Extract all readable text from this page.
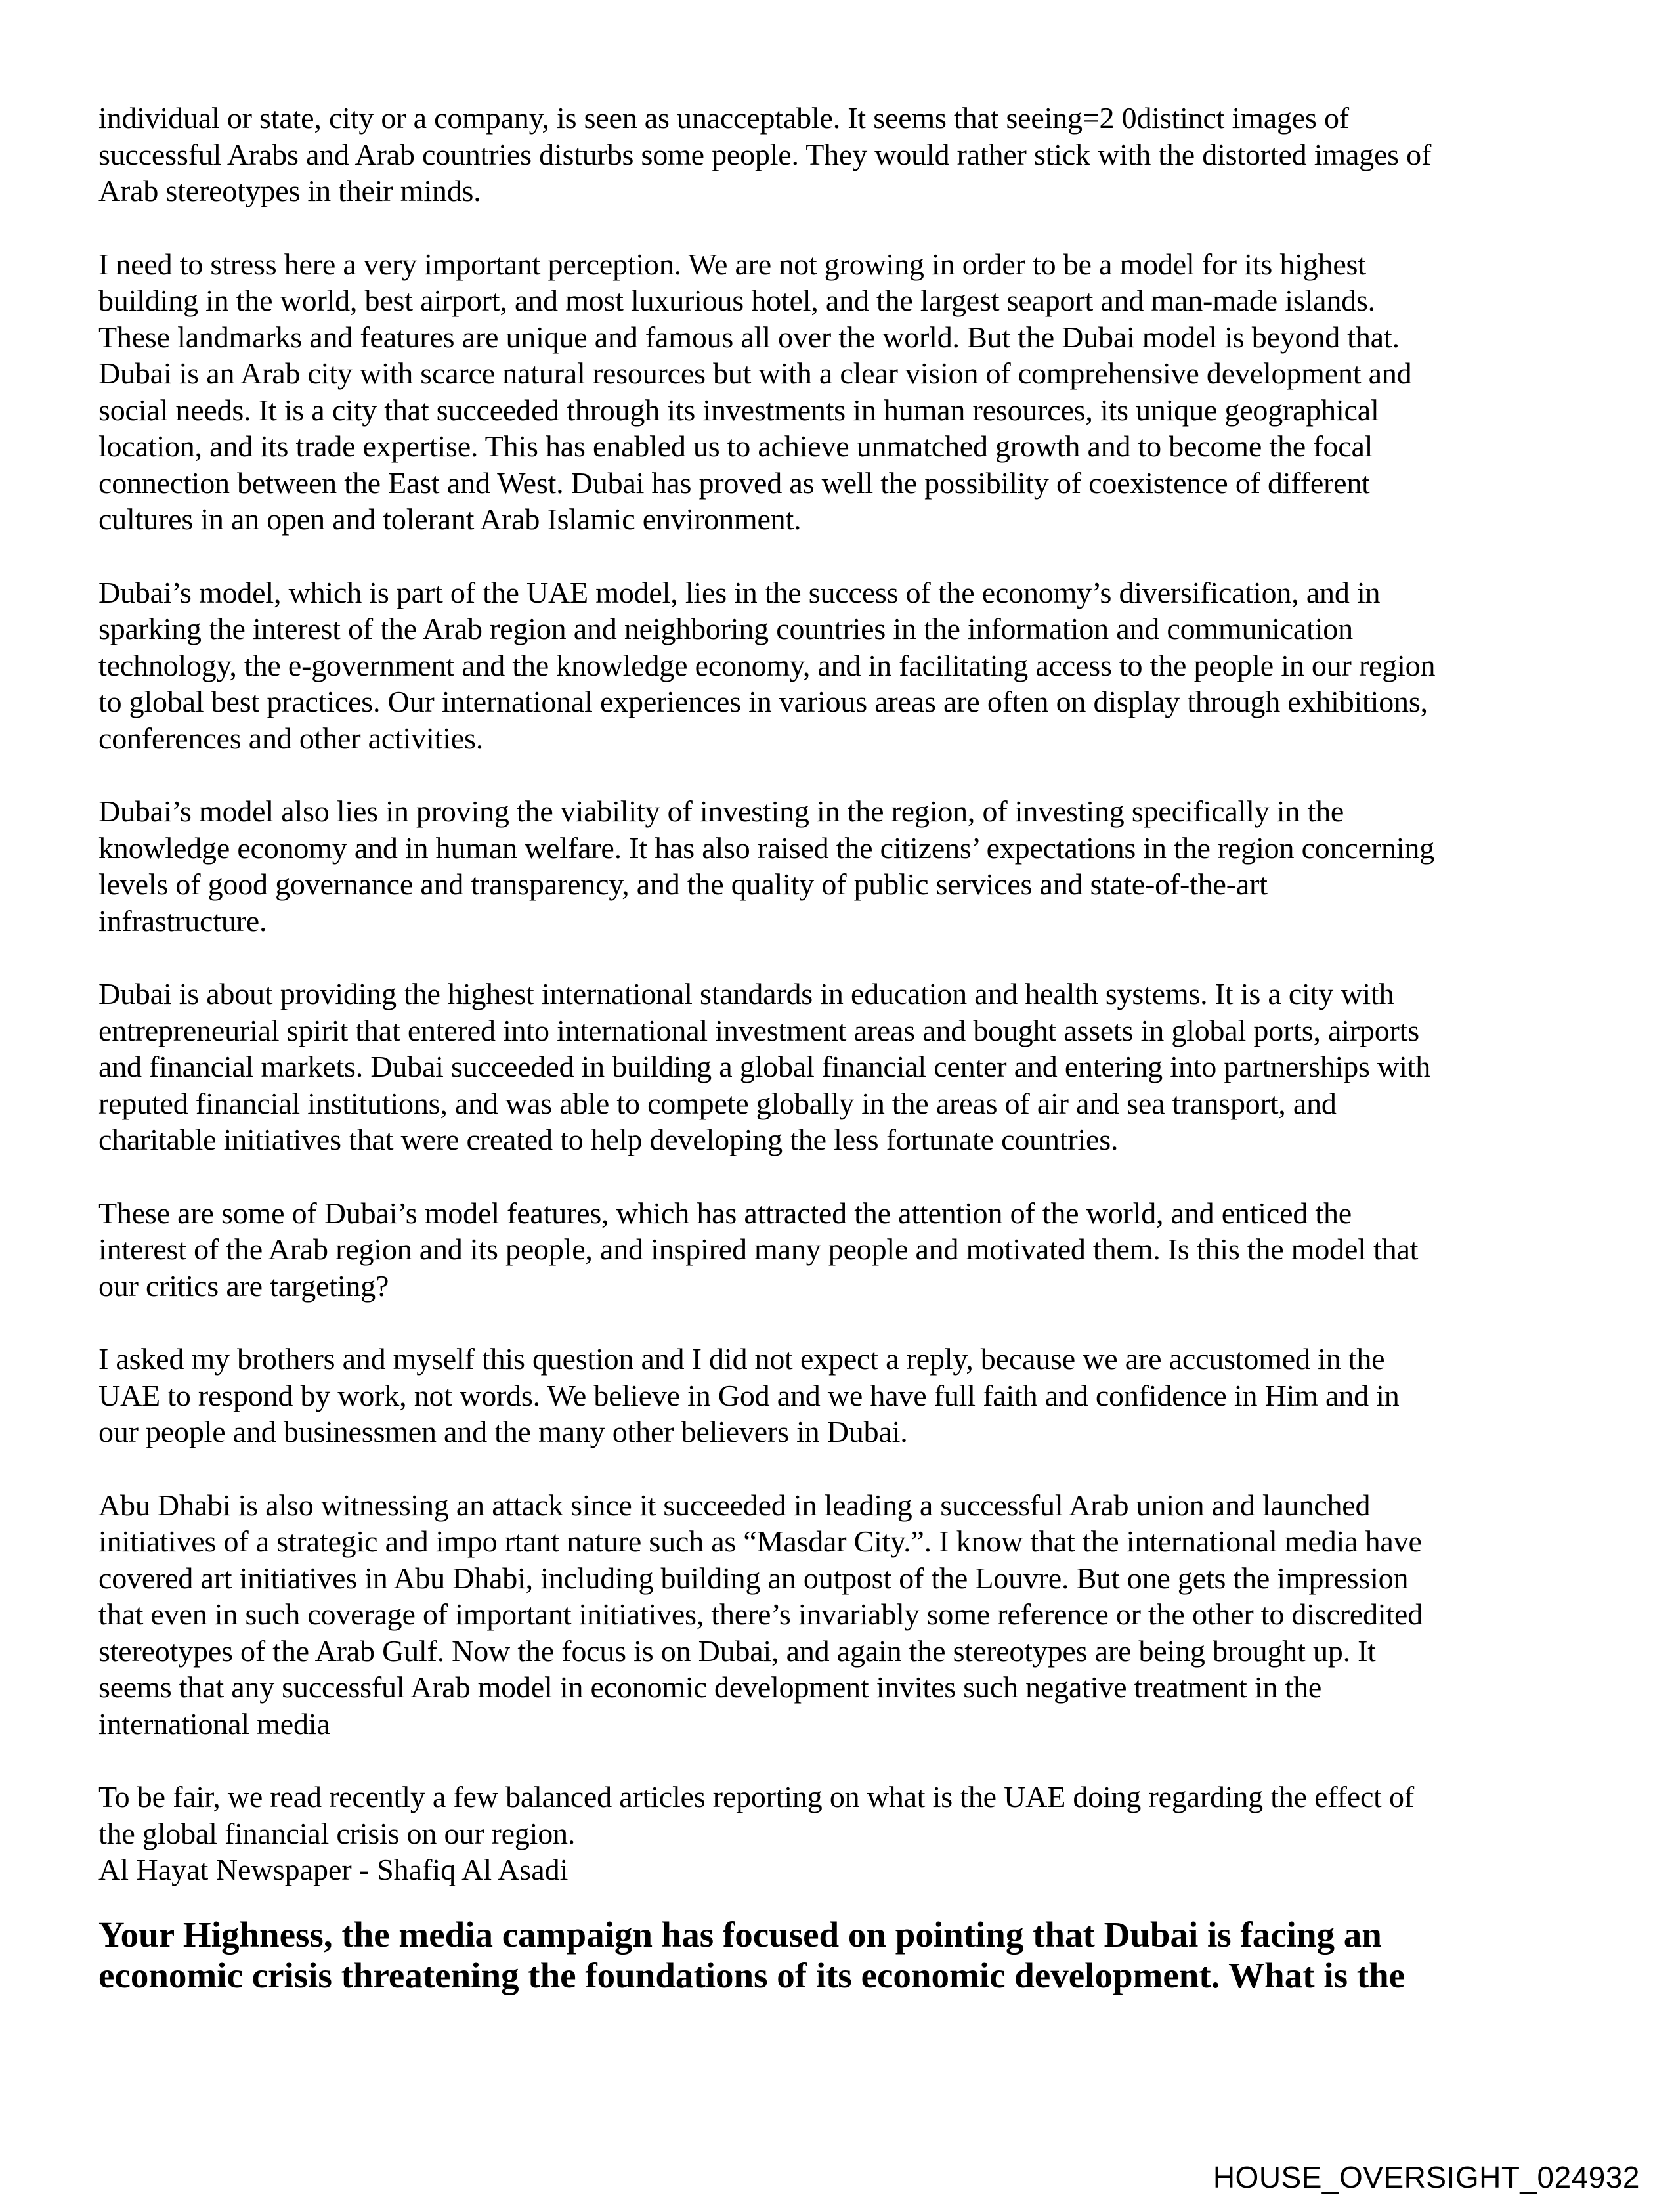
individual or state, city or a company, is seen as unacceptable. It seems that seeing=2 0distinct images of
successful Arabs and Arab countries disturbs some people. They would rather stick with the distorted images of
Arab stereotypes in their minds.

I need to stress here a very important perception. We are not growing in order to be a model for its highest
building in the world, best airport, and most luxurious hotel, and the largest seaport and man-made islands.
These landmarks and features are unique and famous all over the world. But the Dubai model is beyond that.
Dubai is an Arab city with scarce natural resources but with a clear vision of comprehensive development and
social needs. It is a city that succeeded through its investments in human resources, its unique geographical
location, and its trade expertise. This has enabled us to achieve unmatched growth and to become the focal
connection between the East and West. Dubai has proved as well the possibility of coexistence of different
cultures in an open and tolerant Arab Islamic environment.

Dubai’s model, which is part of the UAE model, lies in the success of the economy’s diversification, and in
sparking the interest of the Arab region and neighboring countries in the information and communication
technology, the e-government and the knowledge economy, and in facilitating access to the people in our region
to global best practices. Our international experiences in various areas are often on display through exhibitions,
conferences and other activities.

Dubai’s model also lies in proving the viability of investing in the region, of investing specifically in the
knowledge economy and in human welfare. It has also raised the citizens’ expectations in the region concerning
levels of good governance and transparency, and the quality of public services and state-of-the-art
infrastructure.

Dubai is about providing the highest international standards in education and health systems. It is a city with
entrepreneurial spirit that entered into international investment areas and bought assets in global ports, airports
and financial markets. Dubai succeeded in building a global financial center and entering into partnerships with
reputed financial institutions, and was able to compete globally in the areas of air and sea transport, and
charitable initiatives that were created to help developing the less fortunate countries.

These are some of Dubai’s model features, which has attracted the attention of the world, and enticed the
interest of the Arab region and its people, and inspired many people and motivated them. Is this the model that
our critics are targeting?

I asked my brothers and myself this question and I did not expect a reply, because we are accustomed in the
UAE to respond by work, not words. We believe in God and we have full faith and confidence in Him and in
our people and businessmen and the many other believers in Dubai.

Abu Dhabi is also witnessing an attack since it succeeded in leading a successful Arab union and launched
initiatives of a strategic and impo rtant nature such as “Masdar City.”. I know that the international media have
covered art initiatives in Abu Dhabi, including building an outpost of the Louvre. But one gets the impression
that even in such coverage of important initiatives, there’s invariably some reference or the other to discredited
stereotypes of the Arab Gulf. Now the focus is on Dubai, and again the stereotypes are being brought up. It
seems that any successful Arab model in economic development invites such negative treatment in the
international media

To be fair, we read recently a few balanced articles reporting on what is the UAE doing regarding the effect of
the global financial crisis on our region.

Al Hayat Newspaper - Shafiq Al Asadi
Your Highness, the media campaign has focused on pointing that Dubai is facing an
economic crisis threatening the foundations of its economic development. What is the
HOUSE_OVERSIGHT_024932
